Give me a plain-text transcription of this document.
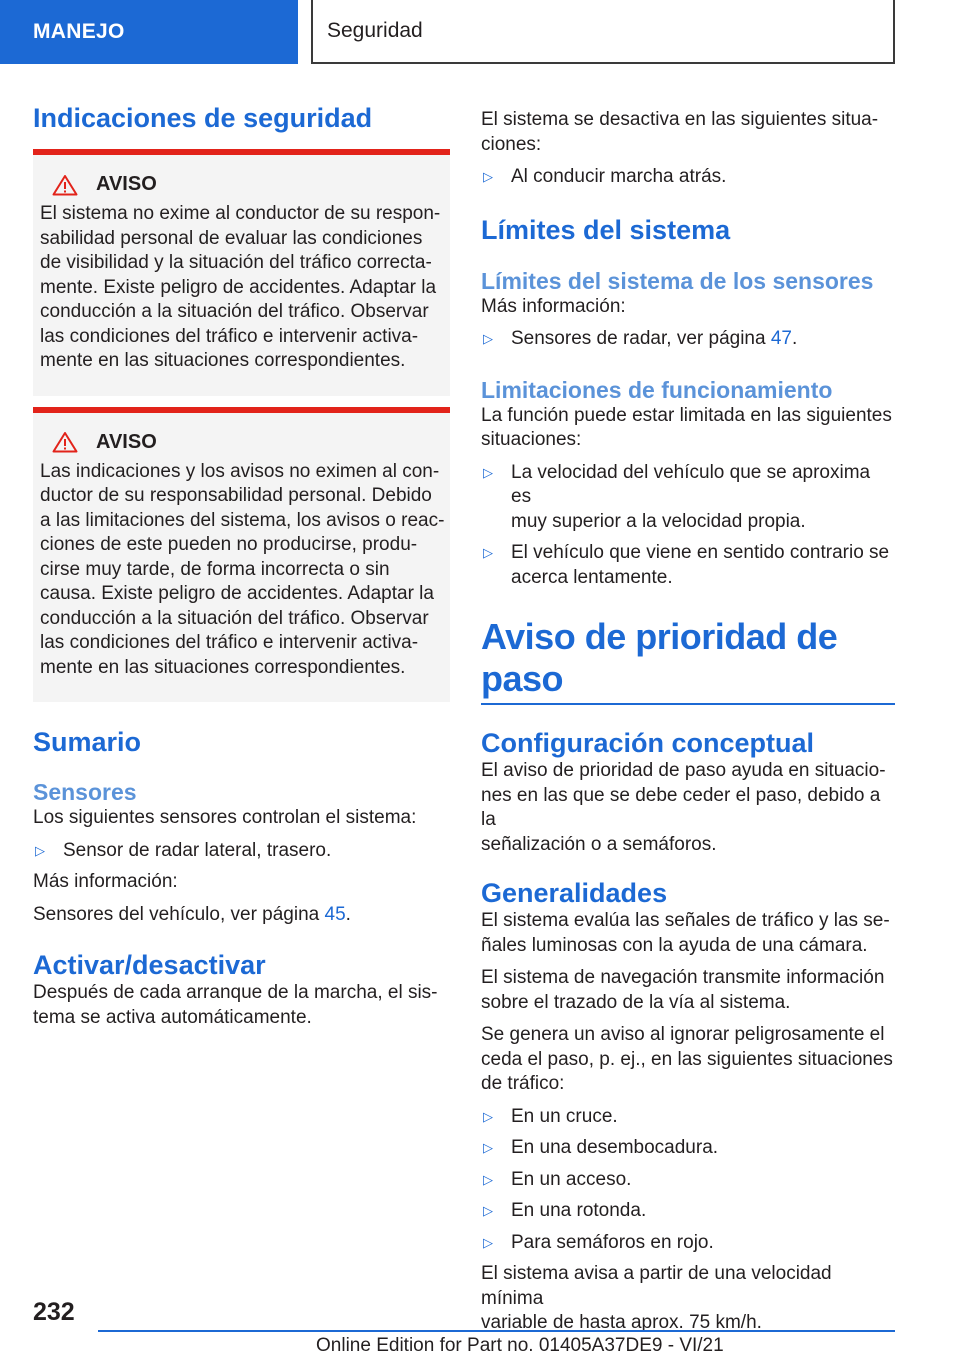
MANEJO	Seguridad
Indicaciones de seguridad
AVISO

El sistema no exime al conductor de su respon-

sabilidad personal de evaluar las condiciones

de visibilidad y la situación del tráfico correcta-

mente. Existe peligro de accidentes. Adaptar la

conducción a la situación del tráfico. Observar

las condiciones del tráfico e intervenir activa-

mente en las situaciones correspondientes.

AVISO

Las indicaciones y los avisos no eximen al con-

ductor de su responsabilidad personal. Debido

a las limitaciones del sistema, los avisos o reac-

ciones de este pueden no producirse, produ-

cirse muy tarde, de forma incorrecta o sin

causa. Existe peligro de accidentes. Adaptar la

conducción a la situación del tráfico. Observar

las condiciones del tráfico e intervenir activa-

mente en las situaciones correspondientes.

Sumario
Sensores

Los siguientes sensores controlan el sistema:

▷ Sensor de radar lateral, trasero.

Más información:

Sensores del vehículo, ver página 45.

Activar/desactivar

Después de cada arranque de la marcha, el sis-

tema se activa automáticamente.

El sistema se desactiva en las siguientes situa-

ciones:

▷ Al conducir marcha atrás.

Límites del sistema
Límites del sistema de los sensores

Más información:

▷ Sensores de radar, ver página 47.

Limitaciones de funcionamiento

La función puede estar limitada en las siguientes

situaciones:

▷ La velocidad del vehículo que se aproxima es

muy superior a la velocidad propia.

▷ El vehículo que viene en sentido contrario se

acerca lentamente.

Aviso de prioridad de paso
Configuración conceptual

El aviso de prioridad de paso ayuda en situacio-

nes en las que se debe ceder el paso, debido a la

señalización o a semáforos.

Generalidades

El sistema evalúa las señales de tráfico y las se-

ñales luminosas con la ayuda de una cámara.

El sistema de navegación transmite información

sobre el trazado de la vía al sistema.

Se genera un aviso al ignorar peligrosamente el

ceda el paso, p. ej., en las siguientes situaciones

de tráfico:

▷ En un cruce.

▷ En una desembocadura.

▷ En un acceso.

▷ En una rotonda.

▷ Para semáforos en rojo.

El sistema avisa a partir de una velocidad mínima

variable de hasta aprox. 75 km/h.

232
Online Edition for Part no. 01405A37DE9 - VI/21
